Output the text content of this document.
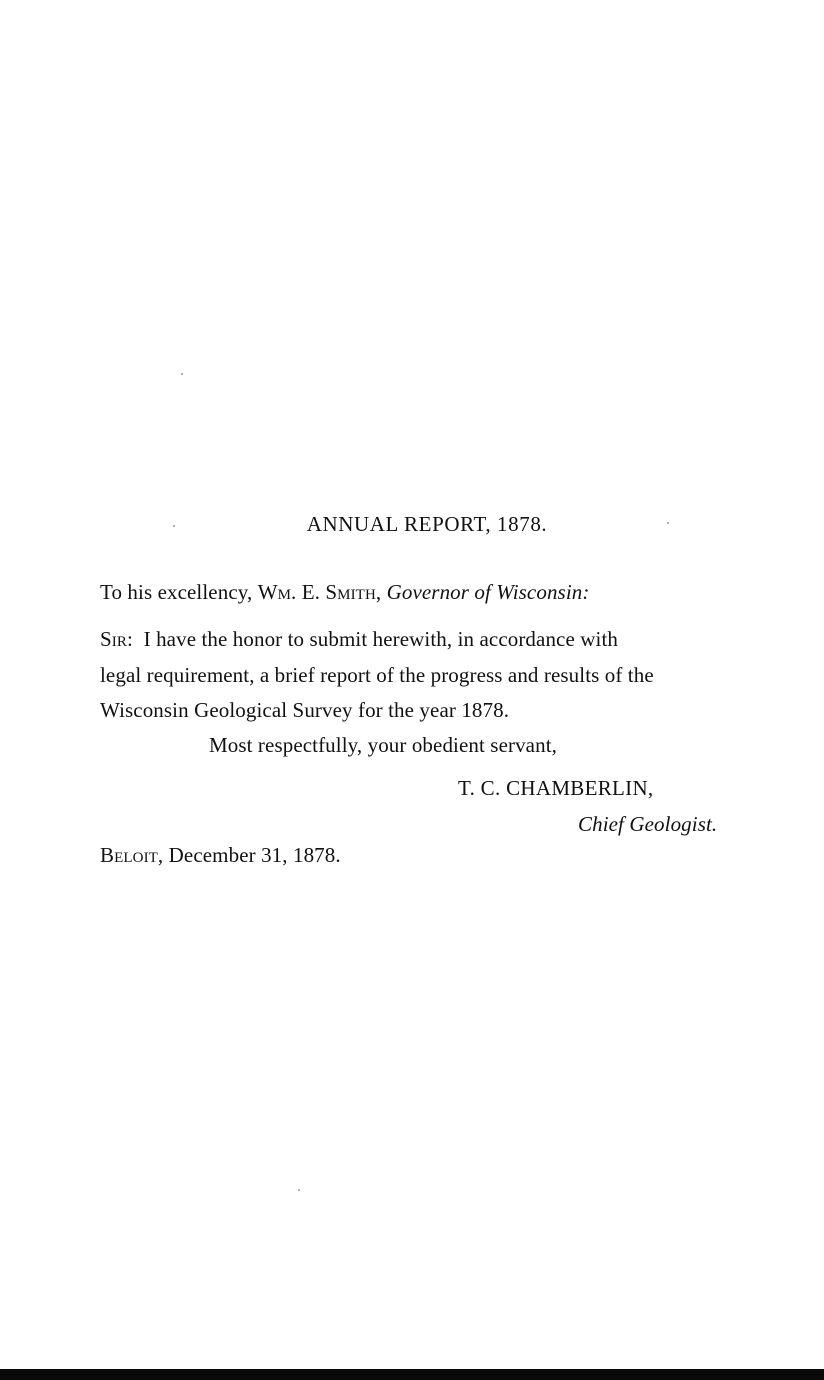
ANNUAL REPORT, 1878.
To his excellency, Wm. E. Smith, Governor of Wisconsin:
Sir: I have the honor to submit herewith, in accordance with
legal requirement, a brief report of the progress and results of the
Wisconsin Geological Survey for the year 1878.
Most respectfully, your obedient servant,
T. C. CHAMBERLIN,
Chief Geologist.
Beloit, December 31, 1878.
